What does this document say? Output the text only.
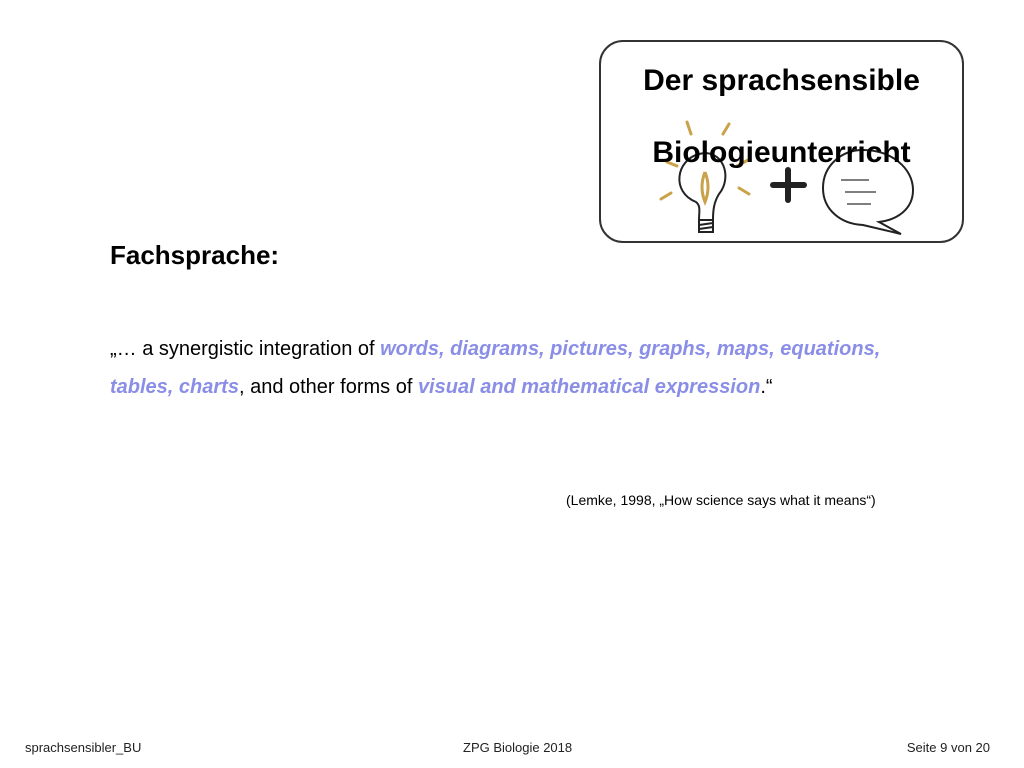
Der sprachsensible
Biologieunterricht
Fachsprache:
„… a synergistic integration of words, diagrams, pictures, graphs, maps, equations, tables, charts, and other forms of visual and mathematical expression.“
(Lemke, 1998, „How science says what it means“)
sprachsensibler_BU	ZPG Biologie 2018	Seite 9 von 20
